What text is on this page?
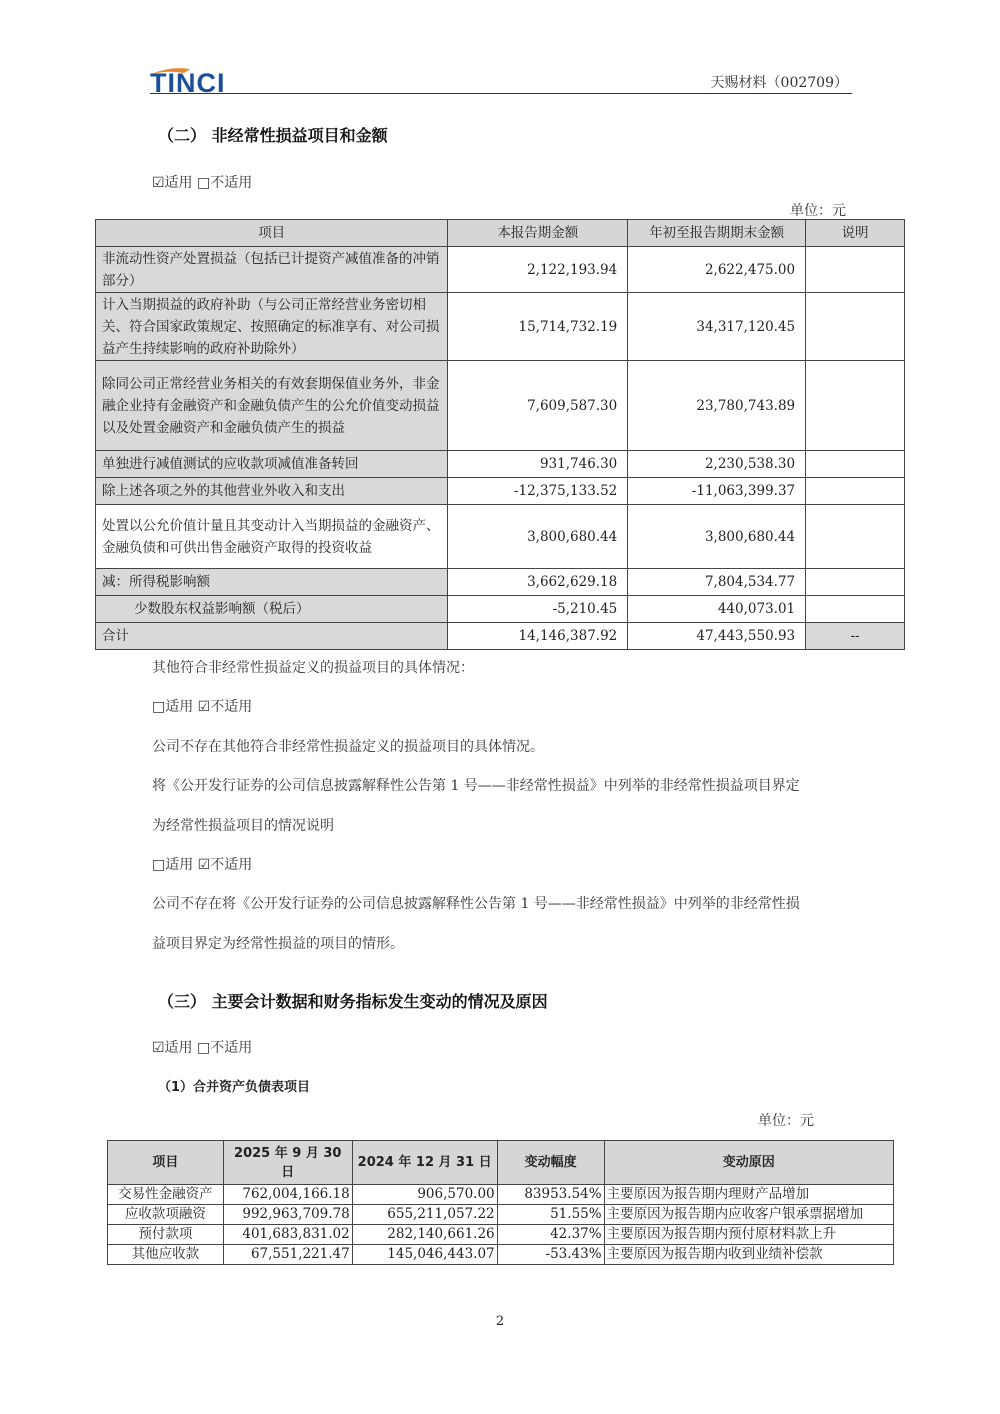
TINCI	天赐材料（002709）
（二） 非经常性损益项目和金额
☑适用 □不适用
单位：元
项目	本报告期金额	年初至报告期期末金额	说明
非流动性资产处置损益（包括已计提资产减值准备的冲销部分）	2,122,193.94	2,622,475.00	
计入当期损益的政府补助（与公司正常经营业务密切相关、符合国家政策规定、按照确定的标准享有、对公司损益产生持续影响的政府补助除外）	15,714,732.19	34,317,120.45	
除同公司正常经营业务相关的有效套期保值业务外，非金融企业持有金融资产和金融负债产生的公允价值变动损益以及处置金融资产和金融负债产生的损益	7,609,587.30	23,780,743.89	
单独进行减值测试的应收款项减值准备转回	931,746.30	2,230,538.30	
除上述各项之外的其他营业外收入和支出	-12,375,133.52	-11,063,399.37	
处置以公允价值计量且其变动计入当期损益的金融资产、金融负债和可供出售金融资产取得的投资收益	3,800,680.44	3,800,680.44	
减：所得税影响额	3,662,629.18	7,804,534.77	
少数股东权益影响额（税后）	-5,210.45	440,073.01	
合计	14,146,387.92	47,443,550.93	--
其他符合非经常性损益定义的损益项目的具体情况：
□适用 ☑不适用
公司不存在其他符合非经常性损益定义的损益项目的具体情况。
将《公开发行证券的公司信息披露解释性公告第 1 号——非经常性损益》中列举的非经常性损益项目界定
为经常性损益项目的情况说明
□适用 ☑不适用
公司不存在将《公开发行证券的公司信息披露解释性公告第 1 号——非经常性损益》中列举的非经常性损
益项目界定为经常性损益的项目的情形。
（三） 主要会计数据和财务指标发生变动的情况及原因
☑适用 □不适用
（1）合并资产负债表项目
单位：元
项目	2025 年 9 月 30 日	2024 年 12 月 31 日	变动幅度	变动原因
交易性金融资产	762,004,166.18	906,570.00	83953.54%	主要原因为报告期内理财产品增加
应收款项融资	992,963,709.78	655,211,057.22	51.55%	主要原因为报告期内应收客户银承票据增加
预付款项	401,683,831.02	282,140,661.26	42.37%	主要原因为报告期内预付原材料款上升
其他应收款	67,551,221.47	145,046,443.07	-53.43%	主要原因为报告期内收到业绩补偿款
2
